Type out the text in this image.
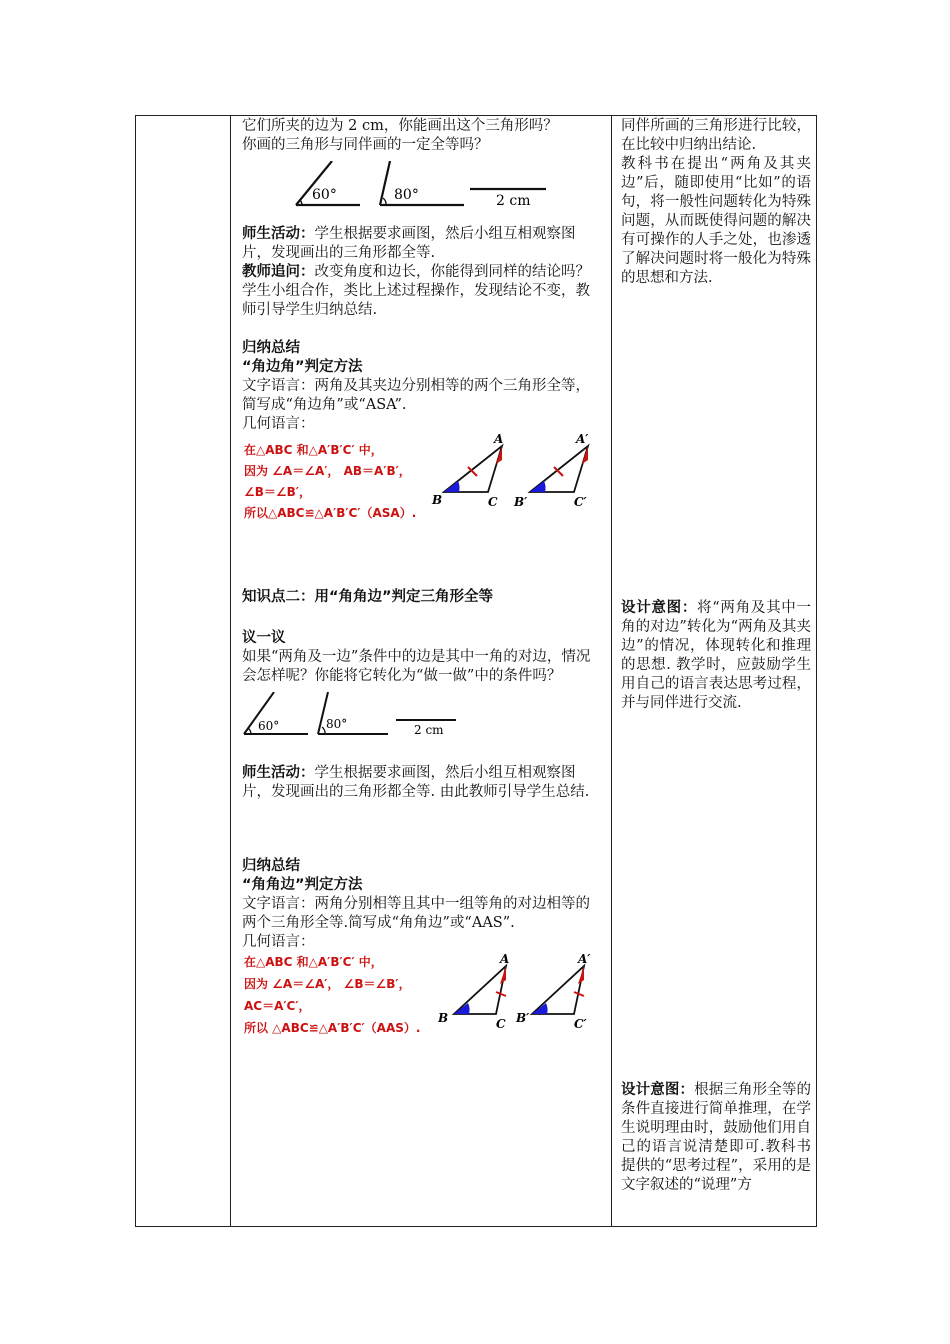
它们所夹的边为 2 cm，你能画出这个三角形吗？

你画的三角形与同伴画的一定全等吗？

60°	80°	2 cm

师生活动：学生根据要求画图，然后小组互相观察图片，发现画出的三角形都全等.

教师追问：改变角度和边长，你能得到同样的结论吗？

学生小组合作，类比上述过程操作，发现结论不变，教师引导学生归纳总结.

归纳总结

“角边角”判定方法

文字语言：两角及其夹边分别相等的两个三角形全等，简写成“角边角”或“ASA”.

几何语言：

在△ABC 和△A′B′C′ 中，
因为 ∠A＝∠A′， AB＝A′B′，
∠B＝∠B′，
所以△ABC≌△A′B′C′（ASA）.
A
B	C
A′
B′	C′

知识点二：用“角角边”判定三角形全等

议一议

如果“两角及一边”条件中的边是其中一角的对边，情况会怎样呢？你能将它转化为“做一做”中的条件吗？

60°	80°	2 cm

师生活动：学生根据要求画图，然后小组互相观察图片，发现画出的三角形都全等. 由此教师引导学生总结.

归纳总结

“角角边”判定方法

文字语言：两角分别相等且其中一组等角的对边相等的两个三角形全等.简写成“角角边”或“AAS”.

几何语言：

在△ABC 和△A′B′C′ 中，
因为 ∠A＝∠A′， ∠B＝∠B′，
AC＝A′C′，
所以 △ABC≌△A′B′C′（AAS）.
A
B	C
A′
B′	C′

同伴所画的三角形进行比较，在比较中归纳出结论.

教科书在提出“两角及其夹边”后，随即使用“比如”的语句，将一般性问题转化为特殊问题，从而既使得问题的解决有可操作的人手之处，也渗透了解决问题时将一般化为特殊的思想和方法.

设计意图：将“两角及其中一角的对边”转化为“两角及其夹边”的情况，体现转化和推理的思想. 教学时，应鼓励学生用自己的语言表达思考过程，并与同伴进行交流.

设计意图：根据三角形全等的条件直接进行简单推理，在学生说明理由时，鼓励他们用自己的语言说清楚即可.教科书提供的“思考过程”，采用的是文字叙述的“说理”方
